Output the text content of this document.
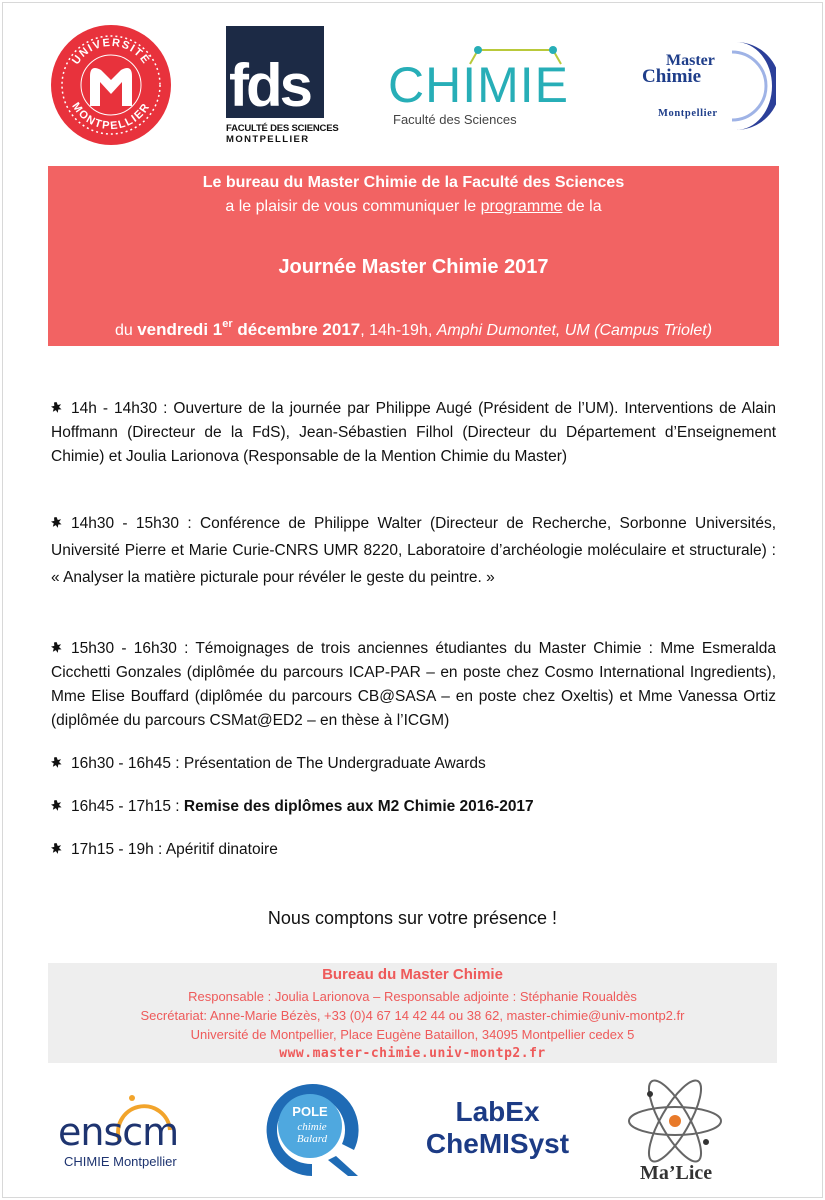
UNIVERSITÉ
MONTPELLIER fds
FACULTÉ DES SCIENCES
MONTPELLIER
CHIMIE
Faculté des Sciences
Master
Chimie
Montpellier
Le bureau du Master Chimie de la Faculté des Sciences
a le plaisir de vous communiquer le programme de la
Journée Master Chimie 2017
du vendredi 1er décembre 2017, 14h-19h, Amphi Dumontet, UM (Campus Triolet)
14h - 14h30 : Ouverture de la journée par Philippe Augé (Président de l’UM). Interventions de Alain Hoffmann (Directeur de la FdS), Jean-Sébastien Filhol (Directeur du Département d’Enseignement Chimie) et Joulia Larionova (Responsable de la Mention Chimie du Master)
14h30 - 15h30 : Conférence de Philippe Walter (Directeur de Recherche, Sorbonne Universités, Université Pierre et Marie Curie-CNRS UMR 8220, Laboratoire d’archéologie moléculaire et structurale) : « Analyser la matière picturale pour révéler le geste du peintre. »
15h30 - 16h30 : Témoignages de trois anciennes étudiantes du Master Chimie : Mme Esmeralda Cicchetti Gonzales (diplômée du parcours ICAP-PAR – en poste chez Cosmo International Ingredients), Mme Elise Bouffard (diplômée du parcours CB@SASA – en poste chez Oxeltis) et Mme Vanessa Ortiz (diplômée du parcours CSMat@ED2 – en thèse à l’ICGM)
16h30 - 16h45 : Présentation de The Undergraduate Awards
16h45 - 17h15 : Remise des diplômes aux M2 Chimie 2016-2017
17h15 - 19h : Apéritif dinatoire
Nous comptons sur votre présence !
Bureau du Master Chimie
Responsable : Joulia Larionova – Responsable adjointe : Stéphanie Roualdès
Secrétariat: Anne-Marie Bézès, +33 (0)4 67 14 42 44 ou 38 62, master-chimie@univ-montp2.fr
Université de Montpellier, Place Eugène Bataillon, 34095 Montpellier cedex 5
www.master-chimie.univ-montp2.fr
enscm
CHIMIE Montpellier
POLE
chimie
Balard
LabEx
CheMISyst
Ma’Lice
